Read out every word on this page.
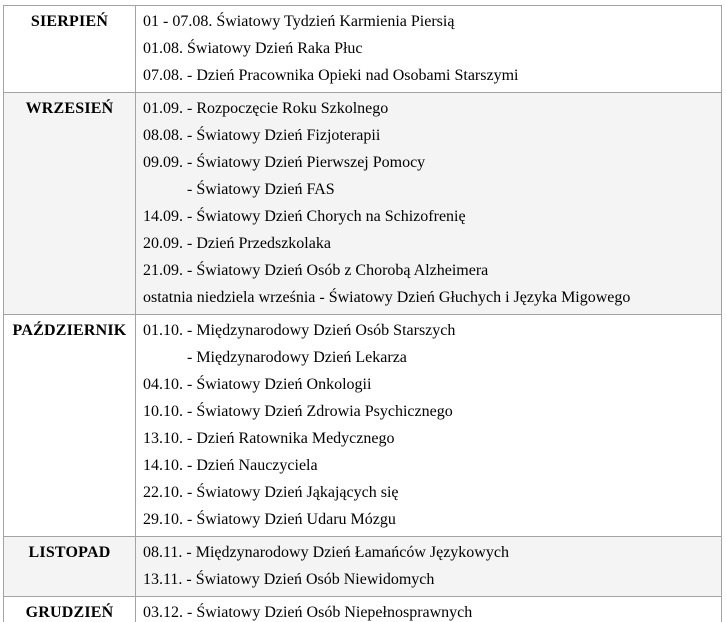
SIERPIEŃ	01 - 07.08. Światowy Tydzień Karmienia Piersią
01.08. Światowy Dzień Raka Płuc
07.08. - Dzień Pracownika Opieki nad Osobami Starszymi

WRZESIEŃ	01.09. - Rozpoczęcie Roku Szkolnego
08.08. - Światowy Dzień Fizjoterapii
09.09. - Światowy Dzień Pierwszej Pomocy
- Światowy Dzień FAS
14.09. - Światowy Dzień Chorych na Schizofrenię
20.09. - Dzień Przedszkolaka
21.09. - Światowy Dzień Osób z Chorobą Alzheimera
ostatnia niedziela września - Światowy Dzień Głuchych i Języka Migowego

PAŹDZIERNIK	01.10. - Międzynarodowy Dzień Osób Starszych
- Międzynarodowy Dzień Lekarza
04.10. - Światowy Dzień Onkologii
10.10. - Światowy Dzień Zdrowia Psychicznego
13.10. - Dzień Ratownika Medycznego
14.10. - Dzień Nauczyciela
22.10. - Światowy Dzień Jąkających się
29.10. - Światowy Dzień Udaru Mózgu

LISTOPAD	08.11. - Międzynarodowy Dzień Łamańców Językowych
13.11. - Światowy Dzień Osób Niewidomych

GRUDZIEŃ	03.12. - Światowy Dzień Osób Niepełnosprawnych
